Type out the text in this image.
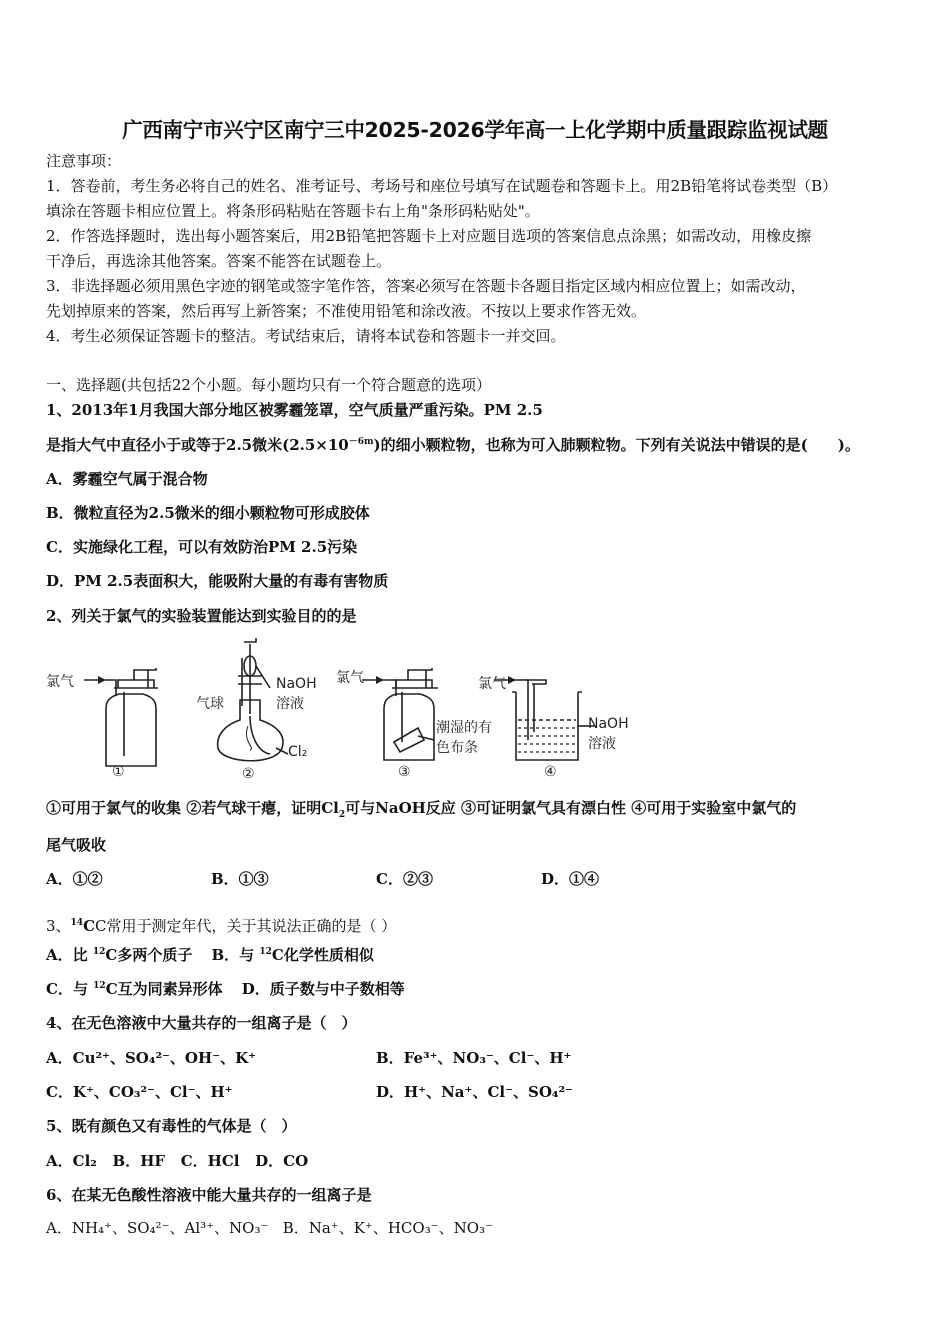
广西南宁市兴宁区南宁三中2025-2026学年高一上化学期中质量跟踪监视试题
注意事项：
1．答卷前，考生务必将自己的姓名、准考证号、考场号和座位号填写在试题卷和答题卡上。用2B铅笔将试卷类型（B）
填涂在答题卡相应位置上。将条形码粘贴在答题卡右上角"条形码粘贴处"。
2．作答选择题时，选出每小题答案后，用2B铅笔把答题卡上对应题目选项的答案信息点涂黑；如需改动，用橡皮擦
干净后，再选涂其他答案。答案不能答在试题卷上。
3．非选择题必须用黑色字迹的钢笔或签字笔作答，答案必须写在答题卡各题目指定区域内相应位置上；如需改动，
先划掉原来的答案，然后再写上新答案；不准使用铅笔和涂改液。不按以上要求作答无效。
4．考生必须保证答题卡的整洁。考试结束后，请将本试卷和答题卡一并交回。
一、选择题(共包括22个小题。每小题均只有一个符合题意的选项）
1、2013年1月我国大部分地区被雾霾笼罩，空气质量严重污染。PM 2.5
是指大气中直径小于或等于2.5微米$(2.5\times 10^{-6m})$的细小颗粒物，也称为可入肺颗粒物。下列有关说法中错误的是(　　)。
A．雾霾空气属于混合物
B．微粒直径为2.5微米的细小颗粒物可形成胶体
C．实施绿化工程，可以有效防治PM 2.5污染
D．PM 2.5表面积大，能吸附大量的有毒有害物质
2、列关于氯气的实验装置能达到实验目的的是
氯气
①
气球
NaOH
溶液
Cl₂
②
氯气
潮湿的有
色布条
③
氯气
NaOH
溶液
④
①可用于氯气的收集 ②若气球干瘪，证明$Cl_2$可与NaOH反应 ③可证明氯气具有漂白性 ④可用于实验室中氯气的
尾气吸收
A．①②	B．①③	C．②③	D．①④
3、$^{14}$CC常用于测定年代，关于其说法正确的是（ ）
A．比 $^{12}$C多两个质子 B．与 $^{12}$C化学性质相似
C．与 $^{12}$C互为同素异形体 D．质子数与中子数相等
4、在无色溶液中大量共存的一组离子是（　）
A．Cu²⁺、SO₄²⁻、OH⁻、K⁺	B．Fe³⁺、NO₃⁻、Cl⁻、H⁺
C．K⁺、CO₃²⁻、Cl⁻、H⁺	D．H⁺、Na⁺、Cl⁻、SO₄²⁻
5、既有颜色又有毒性的气体是（　）
A．Cl₂ B．HF C．HCl D．CO
6、在某无色酸性溶液中能大量共存的一组离子是
A．NH₄⁺、SO₄²⁻、Al³⁺、NO₃⁻ B．Na⁺、K⁺、HCO₃⁻、NO₃⁻
